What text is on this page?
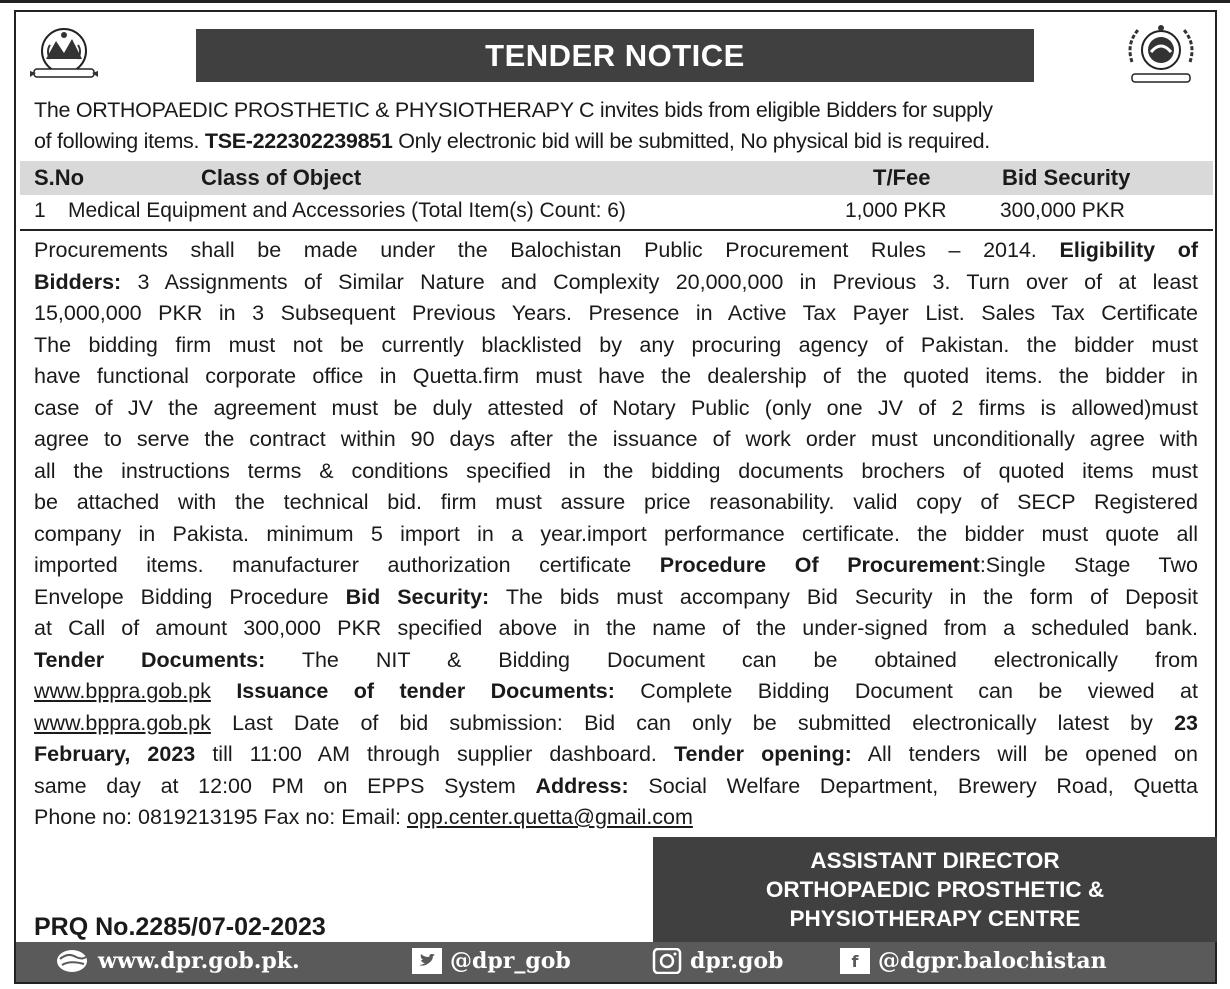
TENDER NOTICE
The ORTHOPAEDIC PROSTHETIC & PHYSIOTHERAPY C invites bids from eligible Bidders for supply
of following items. TSE-222302239851 Only electronic bid will be submitted, No physical bid is required.
S.No	Class of Object	T/Fee	Bid Security
1 Medical Equipment and Accessories (Total Item(s) Count: 6)	1,000 PKR	300,000 PKR
Procurements shall be made under the Balochistan Public Procurement Rules – 2014. Eligibility of
Bidders: 3 Assignments of Similar Nature and Complexity 20,000,000 in Previous 3. Turn over of at least
15,000,000 PKR in 3 Subsequent Previous Years. Presence in Active Tax Payer List. Sales Tax Certificate
The bidding firm must not be currently blacklisted by any procuring agency of Pakistan. the bidder must
have functional corporate office in Quetta.firm must have the dealership of the quoted items. the bidder in
case of JV the agreement must be duly attested of Notary Public (only one JV of 2 firms is allowed)must
agree to serve the contract within 90 days after the issuance of work order must unconditionally agree with
all the instructions terms & conditions specified in the bidding documents brochers of quoted items must
be attached with the technical bid. firm must assure price reasonability. valid copy of SECP Registered
company in Pakista. minimum 5 import in a year.import performance certificate. the bidder must quote all
imported items. manufacturer authorization certificate Procedure Of Procurement:Single Stage Two
Envelope Bidding Procedure Bid Security: The bids must accompany Bid Security in the form of Deposit
at Call of amount 300,000 PKR specified above in the name of the under-signed from a scheduled bank.
Tender Documents: The NIT & Bidding Document can be obtained electronically from
www.bppra.gob.pk Issuance of tender Documents: Complete Bidding Document can be viewed at
www.bppra.gob.pk Last Date of bid submission: Bid can only be submitted electronically latest by 23
February, 2023 till 11:00 AM through supplier dashboard. Tender opening: All tenders will be opened on
same day at 12:00 PM on EPPS System Address: Social Welfare Department, Brewery Road, Quetta
Phone no: 0819213195 Fax no: Email: opp.center.quetta@gmail.com
ASSISTANT DIRECTOR
ORTHOPAEDIC PROSTHETIC &
PHYSIOTHERAPY CENTRE
PRQ No.2285/07-02-2023
www.dpr.gob.pk.	@dpr_gob	dpr.gob	f @dgpr.balochistan
